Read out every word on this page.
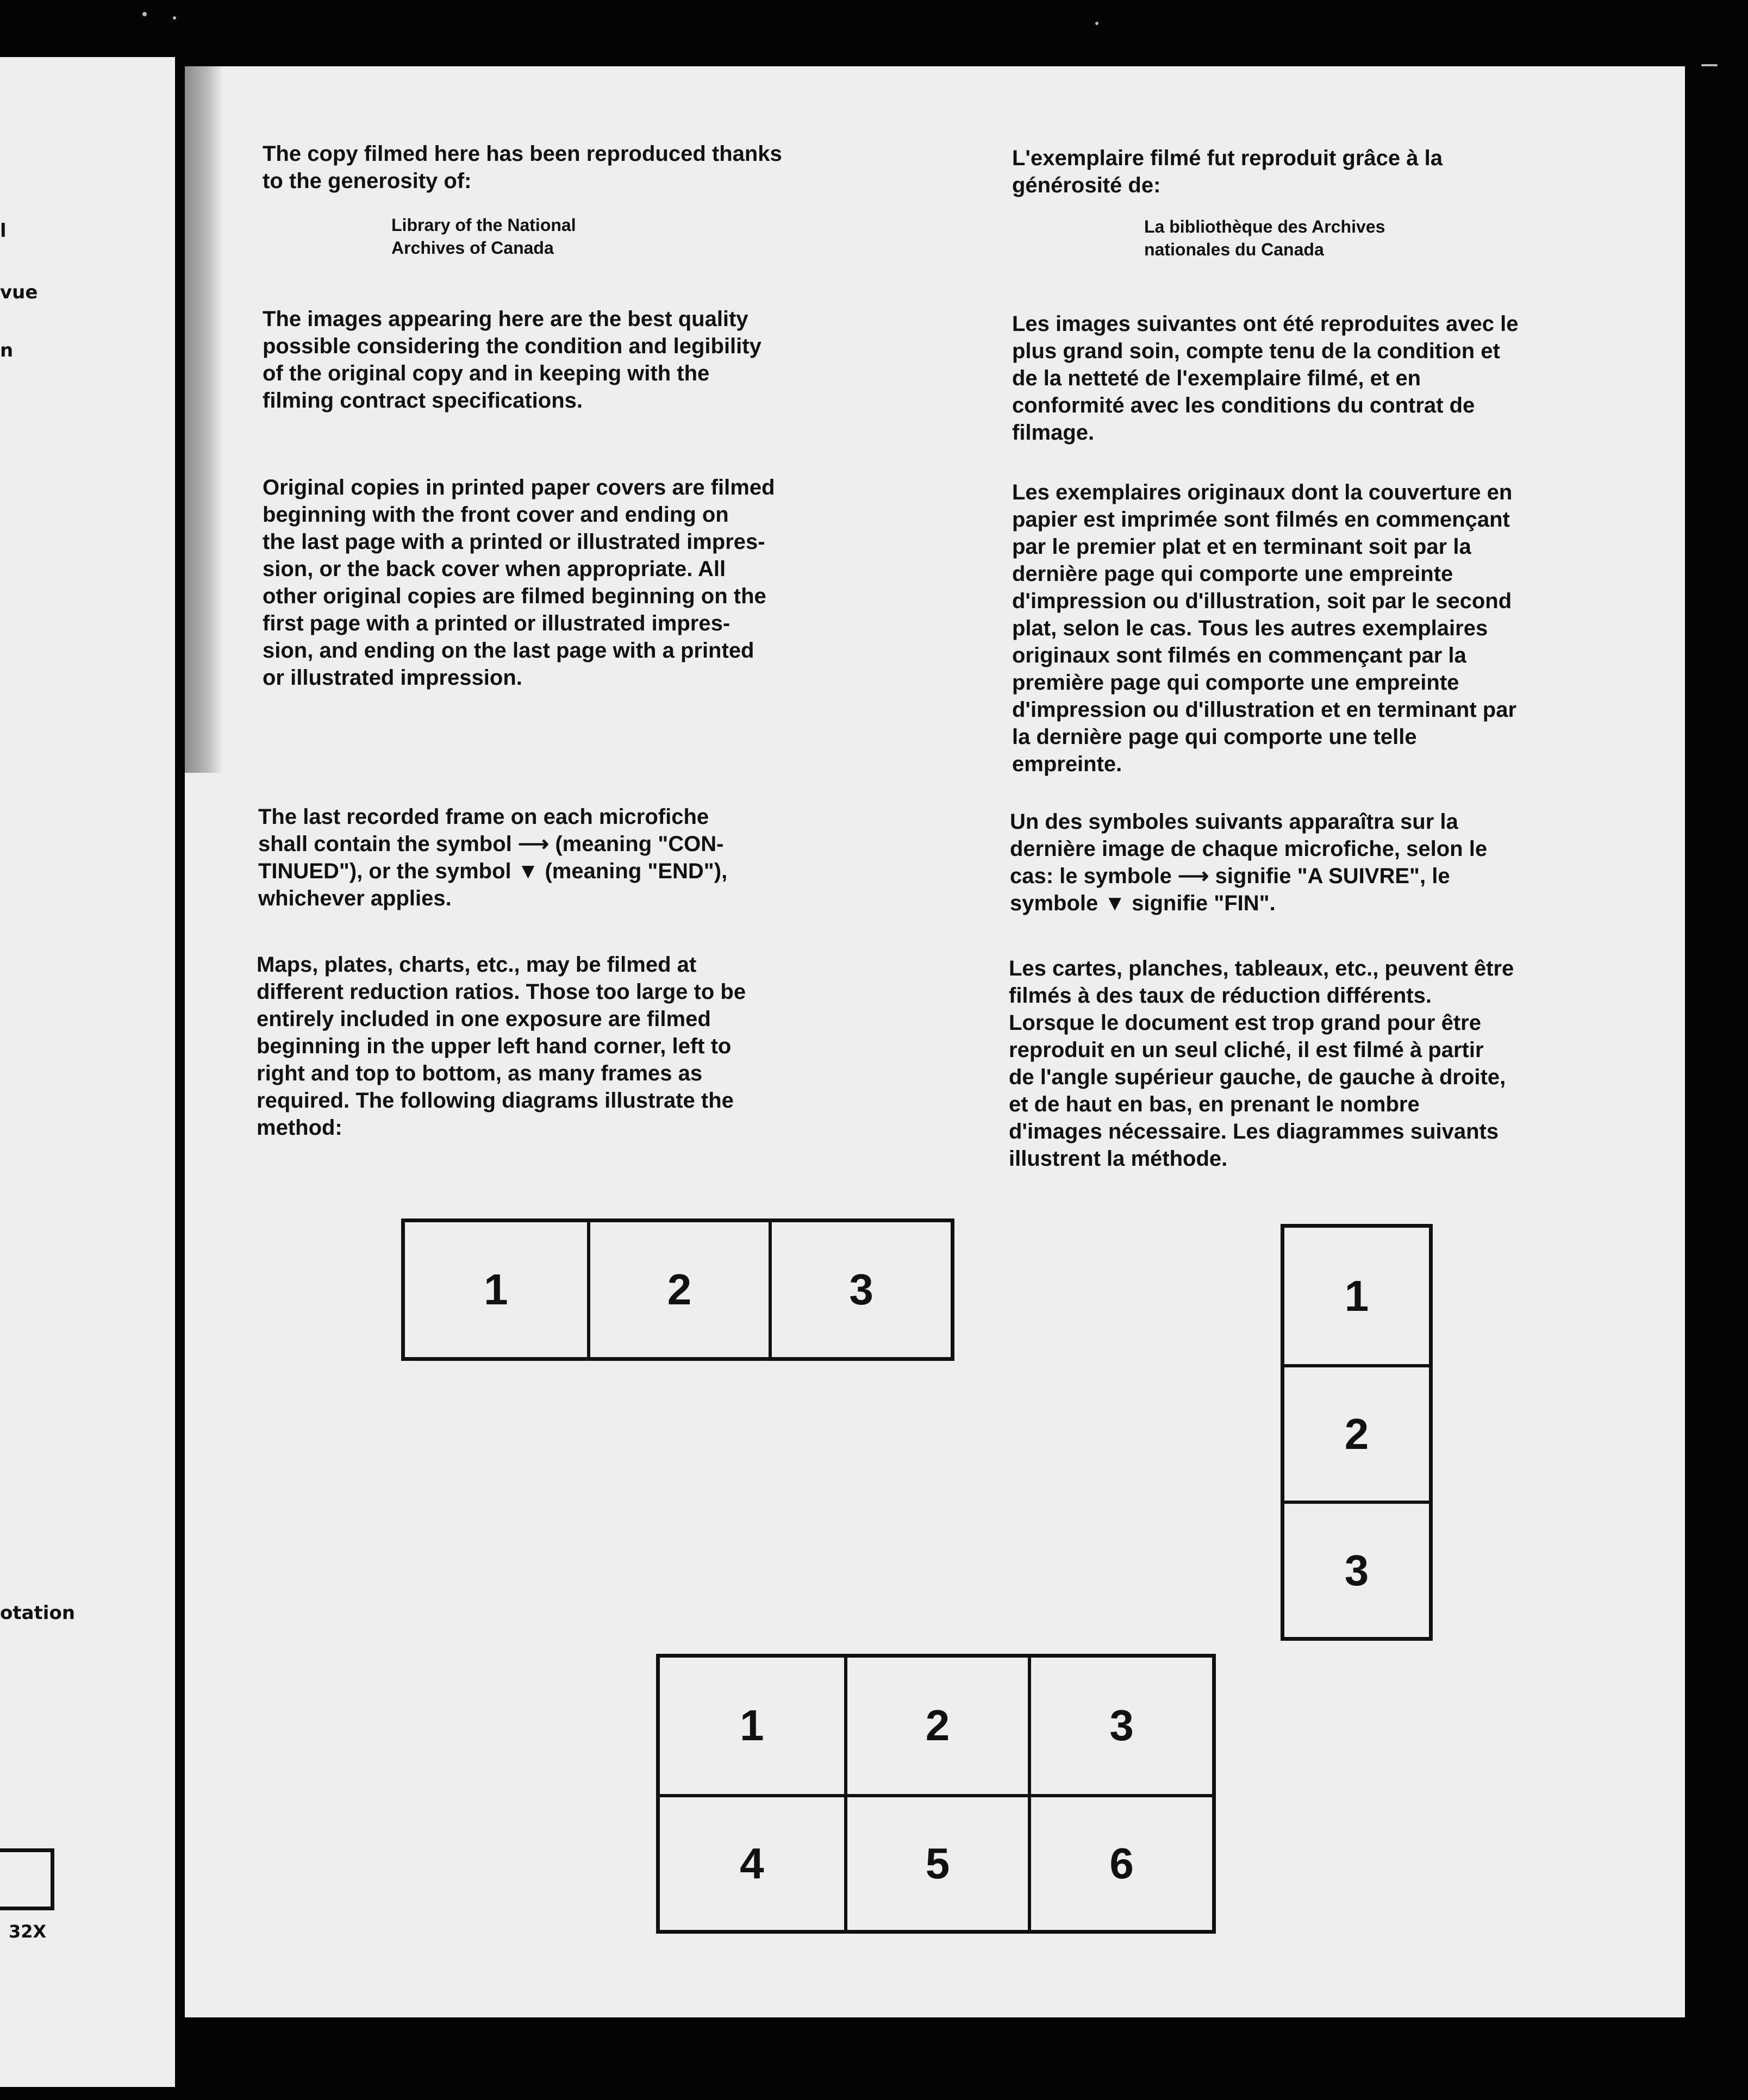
l
vue
n
otation
32X

The copy filmed here has been reproduced thanks
to the generosity of:

Library of the National
Archives of Canada

The images appearing here are the best quality
possible considering the condition and legibility
of the original copy and in keeping with the
filming contract specifications.

Original copies in printed paper covers are filmed
beginning with the front cover and ending on
the last page with a printed or illustrated impres-
sion, or the back cover when appropriate. All
other original copies are filmed beginning on the
first page with a printed or illustrated impres-
sion, and ending on the last page with a printed
or illustrated impression.

The last recorded frame on each microfiche
shall contain the symbol ⟶ (meaning "CON-
TINUED"), or the symbol ▼ (meaning "END"),
whichever applies.

Maps, plates, charts, etc., may be filmed at
different reduction ratios. Those too large to be
entirely included in one exposure are filmed
beginning in the upper left hand corner, left to
right and top to bottom, as many frames as
required. The following diagrams illustrate the
method:

L'exemplaire filmé fut reproduit grâce à la
générosité de:

La bibliothèque des Archives
nationales du Canada

Les images suivantes ont été reproduites avec le
plus grand soin, compte tenu de la condition et
de la netteté de l'exemplaire filmé, et en
conformité avec les conditions du contrat de
filmage.

Les exemplaires originaux dont la couverture en
papier est imprimée sont filmés en commençant
par le premier plat et en terminant soit par la
dernière page qui comporte une empreinte
d'impression ou d'illustration, soit par le second
plat, selon le cas. Tous les autres exemplaires
originaux sont filmés en commençant par la
première page qui comporte une empreinte
d'impression ou d'illustration et en terminant par
la dernière page qui comporte une telle
empreinte.

Un des symboles suivants apparaîtra sur la
dernière image de chaque microfiche, selon le
cas: le symbole ⟶ signifie "A SUIVRE", le
symbole ▼ signifie "FIN".

Les cartes, planches, tableaux, etc., peuvent être
filmés à des taux de réduction différents.
Lorsque le document est trop grand pour être
reproduit en un seul cliché, il est filmé à partir
de l'angle supérieur gauche, de gauche à droite,
et de haut en bas, en prenant le nombre
d'images nécessaire. Les diagrammes suivants
illustrent la méthode.

1	2	3	1
2
3
1	2	3
4	5	6
